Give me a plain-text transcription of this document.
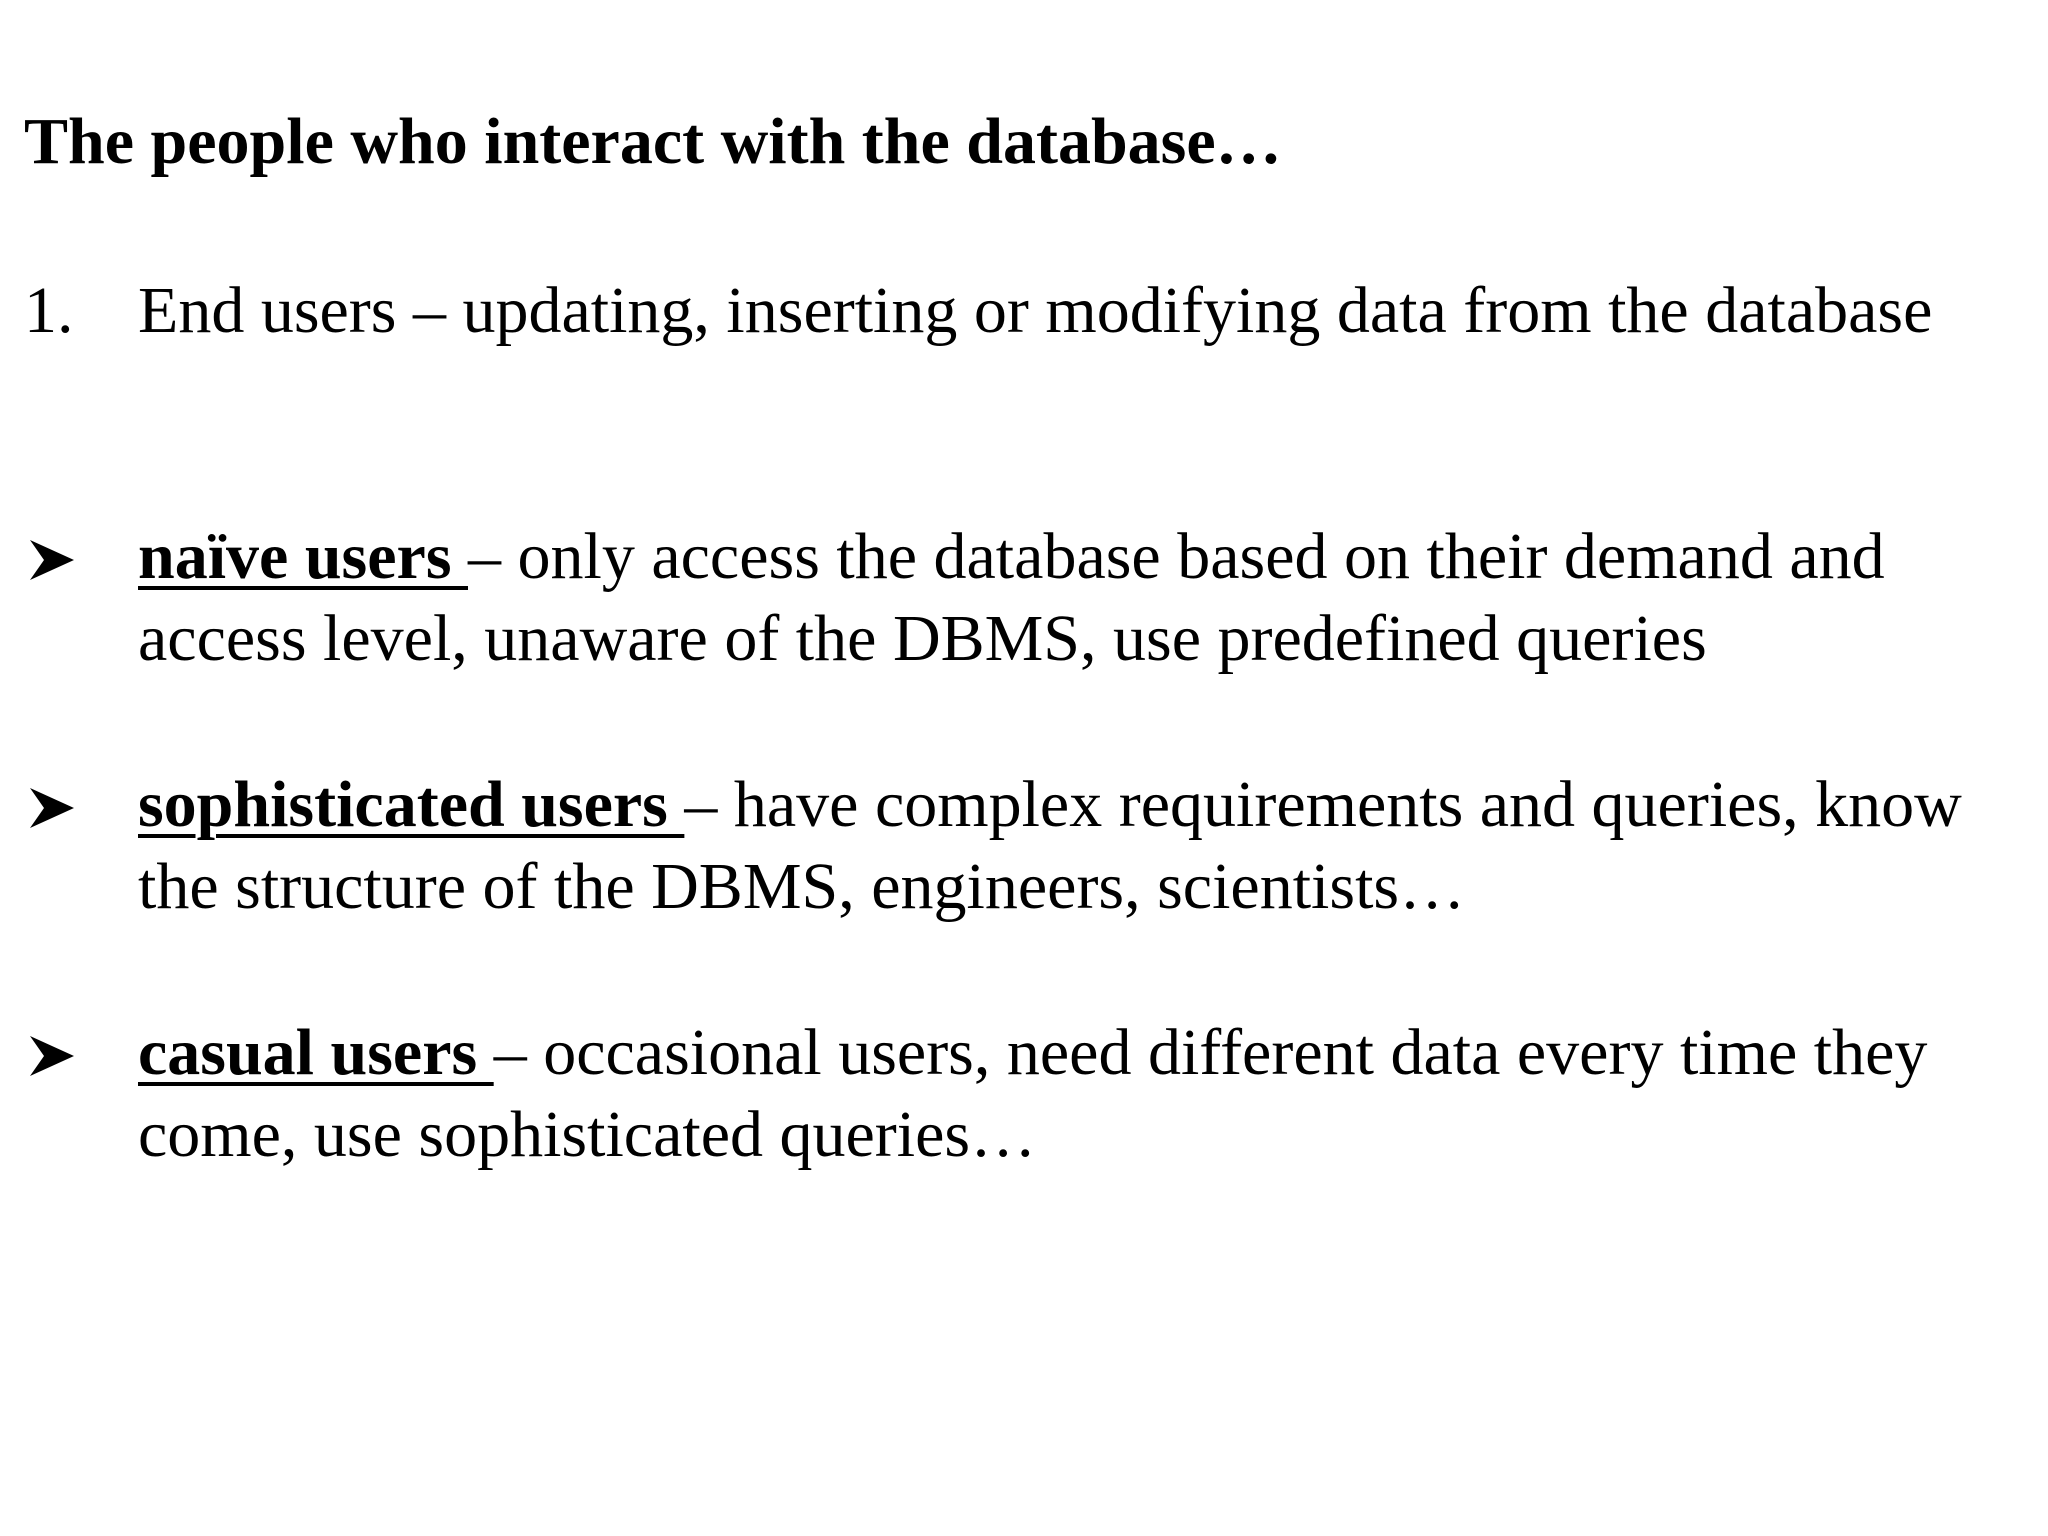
The people who interact with the database…
1. End users – updating, inserting or modifying data from the database
naïve users – only access the database based on their demand and access level, unaware of the DBMS, use predefined queries
sophisticated users – have complex requirements and queries, know the structure of the DBMS, engineers, scientists…
casual users – occasional users, need different data every time they come, use sophisticated queries…
